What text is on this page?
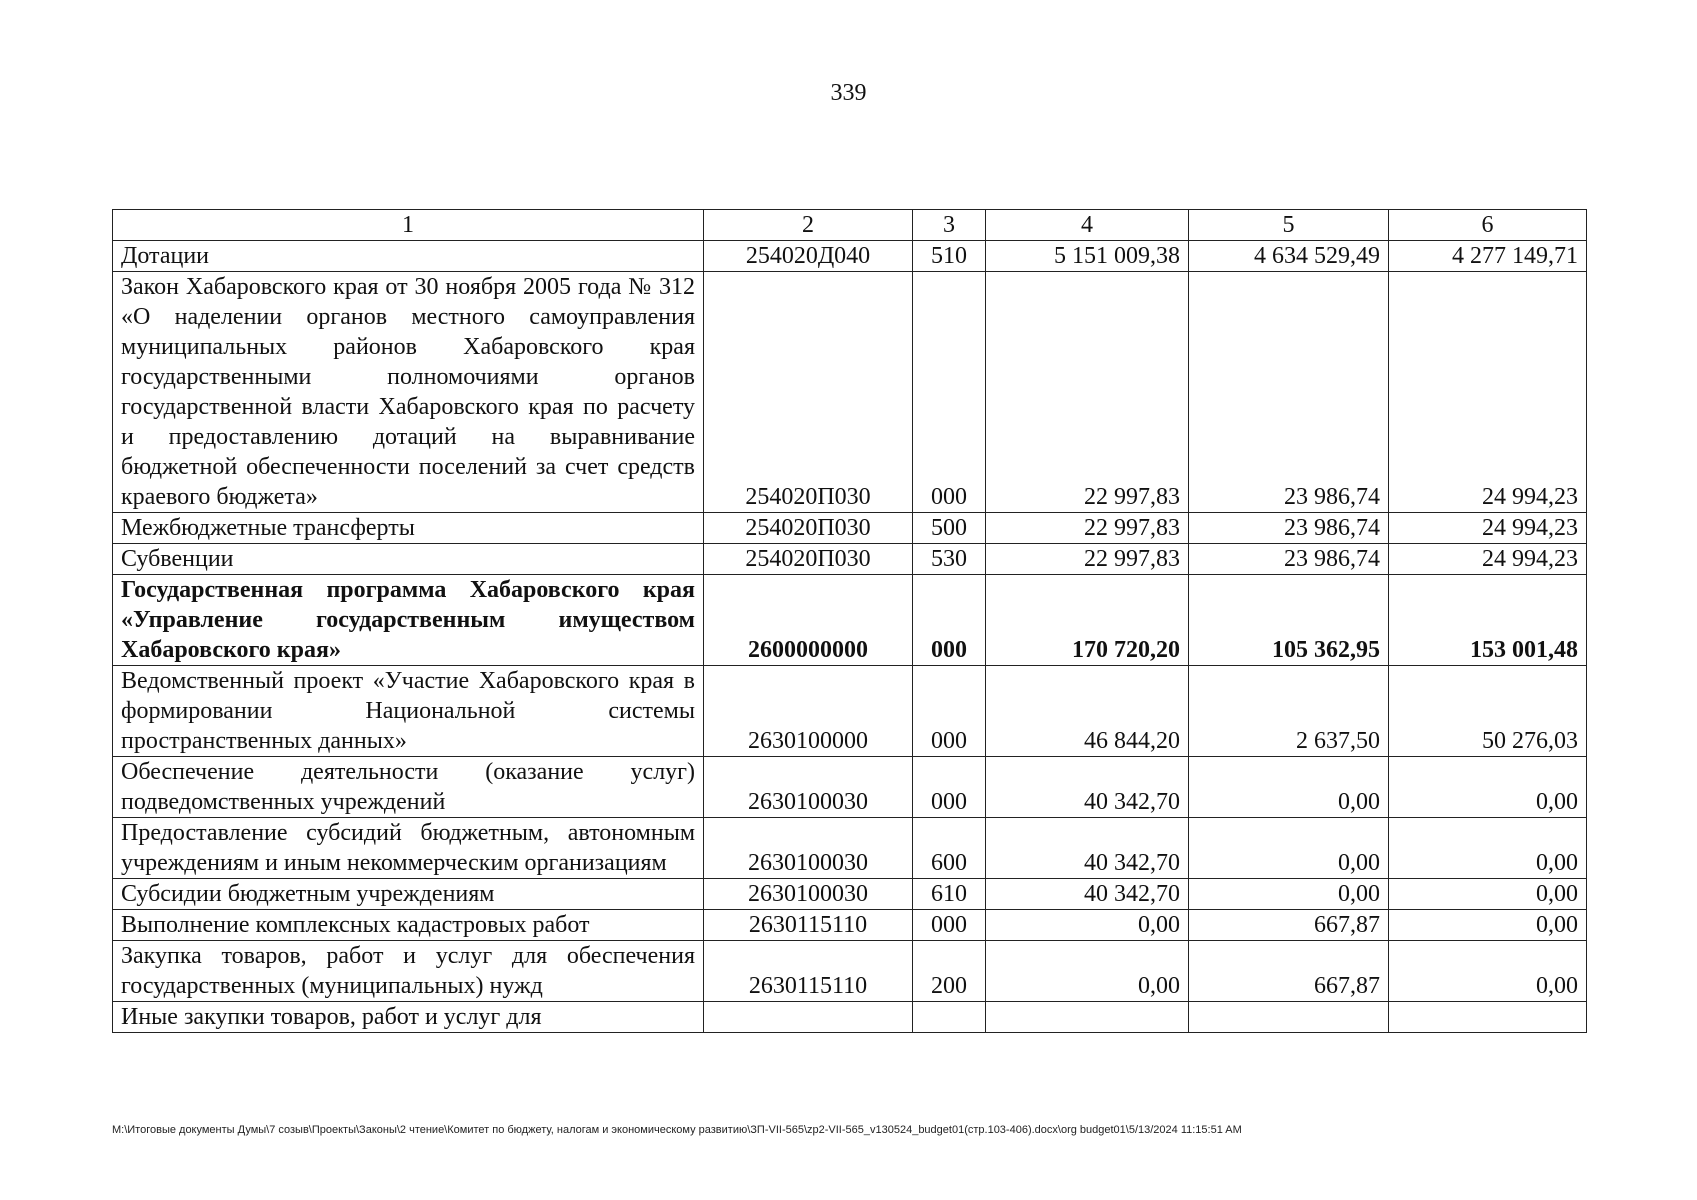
339
1	2	3	4	5	6
Дотации	254020Д040	510	5 151 009,38	4 634 529,49	4 277 149,71
Закон Хабаровского края от 30 ноября 2005 года № 312 «О наделении органов местного самоуправления муниципальных районов Хабаровского края государственными полномочиями органов государственной власти Хабаровского края по расчету и предоставлению дотаций на выравнивание бюджетной обеспеченности поселений за счет средств краевого бюджета»	254020П030	000	22 997,83	23 986,74	24 994,23
Межбюджетные трансферты	254020П030	500	22 997,83	23 986,74	24 994,23
Субвенции	254020П030	530	22 997,83	23 986,74	24 994,23
Государственная программа Хабаровского края «Управление государственным имуществом Хабаровского края»	2600000000	000	170 720,20	105 362,95	153 001,48
Ведомственный проект «Участие Хабаровского края в формировании Национальной системы пространственных данных»	2630100000	000	46 844,20	2 637,50	50 276,03
Обеспечение деятельности (оказание услуг) подведомственных учреждений	2630100030	000	40 342,70	0,00	0,00
Предоставление субсидий бюджетным, автономным учреждениям и иным некоммерческим организациям	2630100030	600	40 342,70	0,00	0,00
Субсидии бюджетным учреждениям	2630100030	610	40 342,70	0,00	0,00
Выполнение комплексных кадастровых работ	2630115110	000	0,00	667,87	0,00
Закупка товаров, работ и услуг для обеспечения государственных (муниципальных) нужд	2630115110	200	0,00	667,87	0,00
Иные закупки товаров, работ и услуг для					
M:\Итоговые документы Думы\7 созыв\Проекты\Законы\2 чтение\Комитет по бюджету, налогам и экономическому развитию\ЗП-VII-565\zp2-VII-565_v130524_budget01(стр.103-406).docx\org budget01\5/13/2024 11:15:51 AM
